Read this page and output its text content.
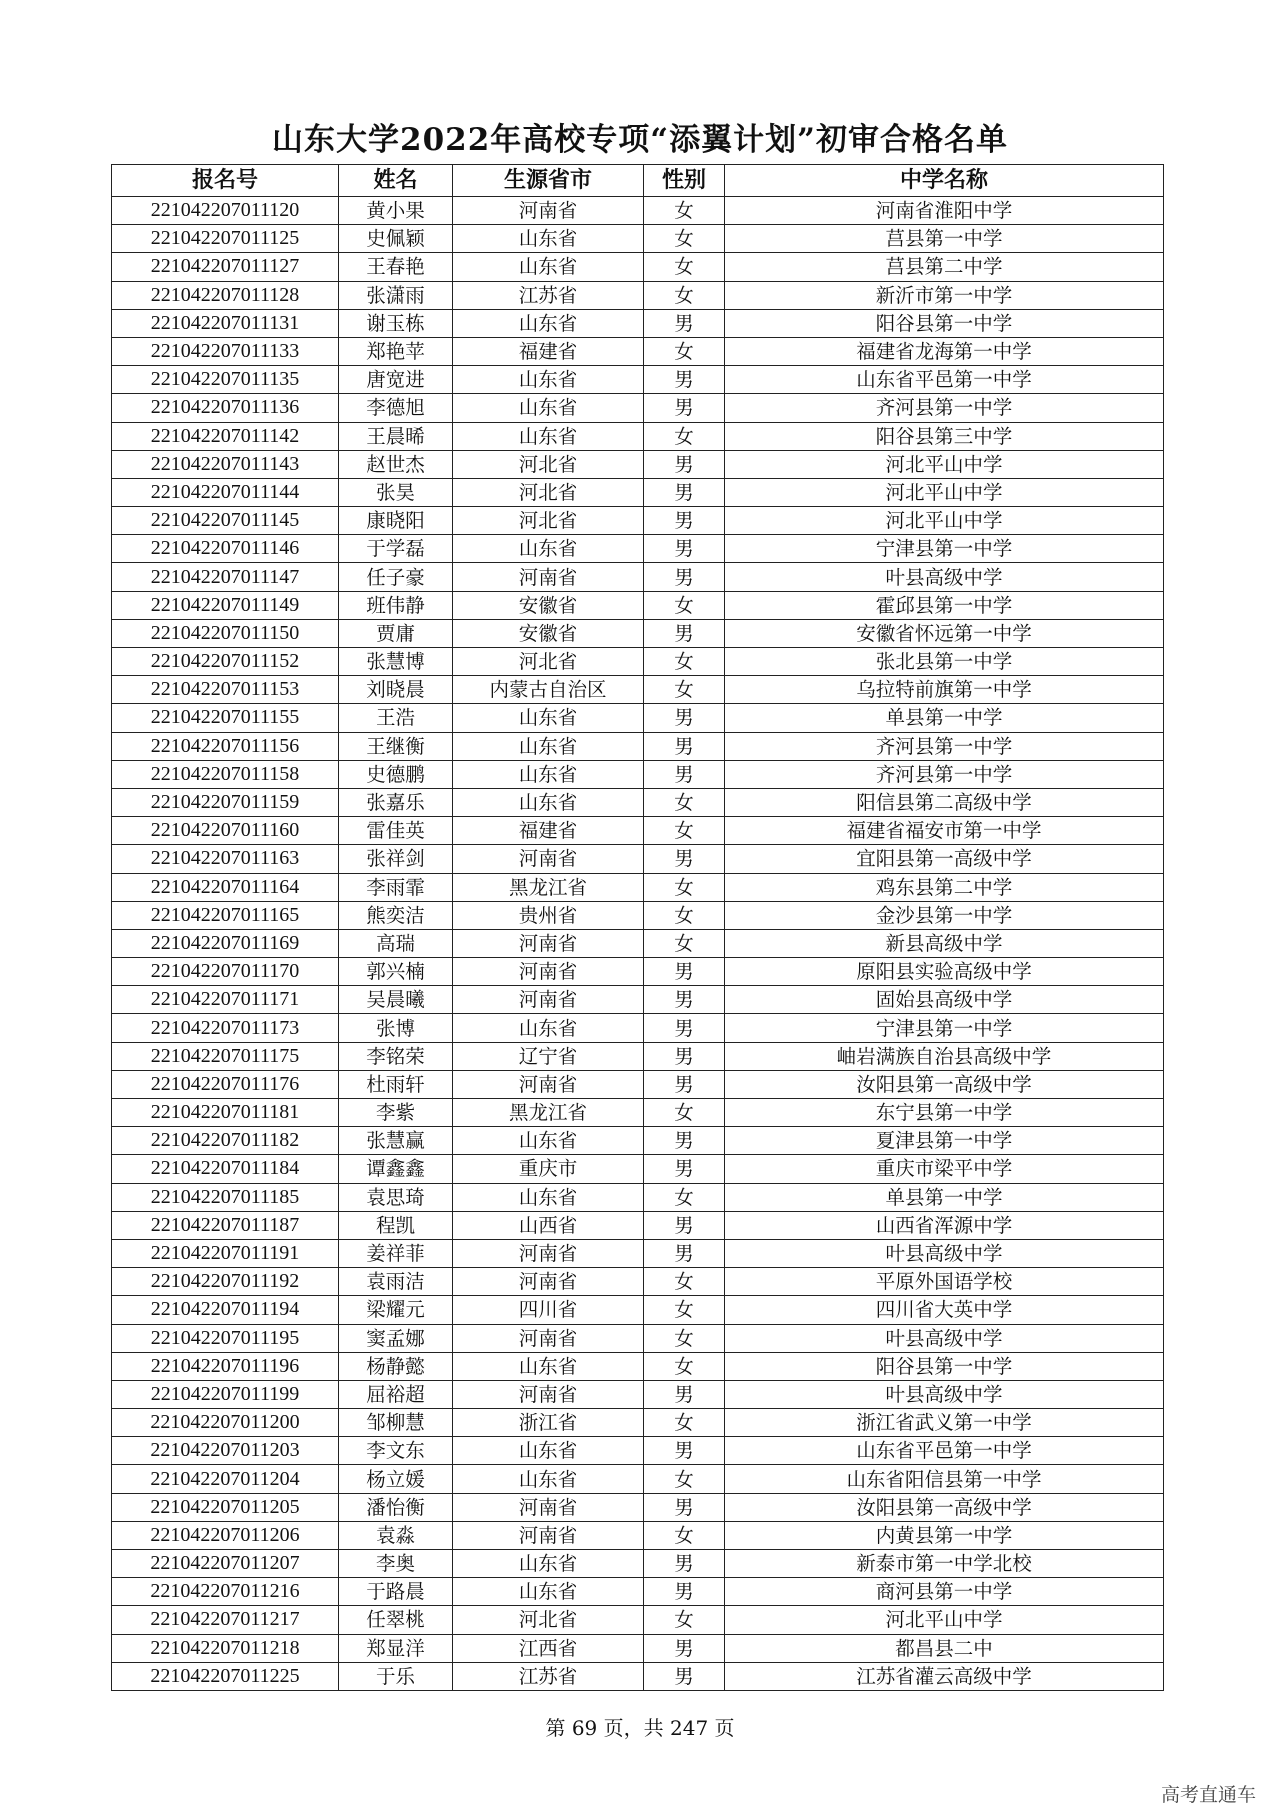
山东大学2022年高校专项“添翼计划”初审合格名单
报名号	姓名	生源省市	性别	中学名称
221042207011120	黄小果	河南省	女	河南省淮阳中学
221042207011125	史佩颖	山东省	女	莒县第一中学
221042207011127	王春艳	山东省	女	莒县第二中学
221042207011128	张潇雨	江苏省	女	新沂市第一中学
221042207011131	谢玉栋	山东省	男	阳谷县第一中学
221042207011133	郑艳苹	福建省	女	福建省龙海第一中学
221042207011135	唐宽进	山东省	男	山东省平邑第一中学
221042207011136	李德旭	山东省	男	齐河县第一中学
221042207011142	王晨晞	山东省	女	阳谷县第三中学
221042207011143	赵世杰	河北省	男	河北平山中学
221042207011144	张昊	河北省	男	河北平山中学
221042207011145	康晓阳	河北省	男	河北平山中学
221042207011146	于学磊	山东省	男	宁津县第一中学
221042207011147	任子豪	河南省	男	叶县高级中学
221042207011149	班伟静	安徽省	女	霍邱县第一中学
221042207011150	贾庸	安徽省	男	安徽省怀远第一中学
221042207011152	张慧博	河北省	女	张北县第一中学
221042207011153	刘晓晨	内蒙古自治区	女	乌拉特前旗第一中学
221042207011155	王浩	山东省	男	单县第一中学
221042207011156	王继衡	山东省	男	齐河县第一中学
221042207011158	史德鹏	山东省	男	齐河县第一中学
221042207011159	张嘉乐	山东省	女	阳信县第二高级中学
221042207011160	雷佳英	福建省	女	福建省福安市第一中学
221042207011163	张祥剑	河南省	男	宜阳县第一高级中学
221042207011164	李雨霏	黑龙江省	女	鸡东县第二中学
221042207011165	熊奕洁	贵州省	女	金沙县第一中学
221042207011169	高瑞	河南省	女	新县高级中学
221042207011170	郭兴楠	河南省	男	原阳县实验高级中学
221042207011171	吴晨曦	河南省	男	固始县高级中学
221042207011173	张博	山东省	男	宁津县第一中学
221042207011175	李铭荣	辽宁省	男	岫岩满族自治县高级中学
221042207011176	杜雨轩	河南省	男	汝阳县第一高级中学
221042207011181	李紫	黑龙江省	女	东宁县第一中学
221042207011182	张慧赢	山东省	男	夏津县第一中学
221042207011184	谭鑫鑫	重庆市	男	重庆市梁平中学
221042207011185	袁思琦	山东省	女	单县第一中学
221042207011187	程凯	山西省	男	山西省浑源中学
221042207011191	姜祥菲	河南省	男	叶县高级中学
221042207011192	袁雨洁	河南省	女	平原外国语学校
221042207011194	梁耀元	四川省	女	四川省大英中学
221042207011195	窦孟娜	河南省	女	叶县高级中学
221042207011196	杨静懿	山东省	女	阳谷县第一中学
221042207011199	屈裕超	河南省	男	叶县高级中学
221042207011200	邹柳慧	浙江省	女	浙江省武义第一中学
221042207011203	李文东	山东省	男	山东省平邑第一中学
221042207011204	杨立媛	山东省	女	山东省阳信县第一中学
221042207011205	潘怡衡	河南省	男	汝阳县第一高级中学
221042207011206	袁淼	河南省	女	内黄县第一中学
221042207011207	李奥	山东省	男	新泰市第一中学北校
221042207011216	于路晨	山东省	男	商河县第一中学
221042207011217	任翠桃	河北省	女	河北平山中学
221042207011218	郑显洋	江西省	男	都昌县二中
221042207011225	于乐	江苏省	男	江苏省灌云高级中学
第 69 页，共 247 页
高考直通车
